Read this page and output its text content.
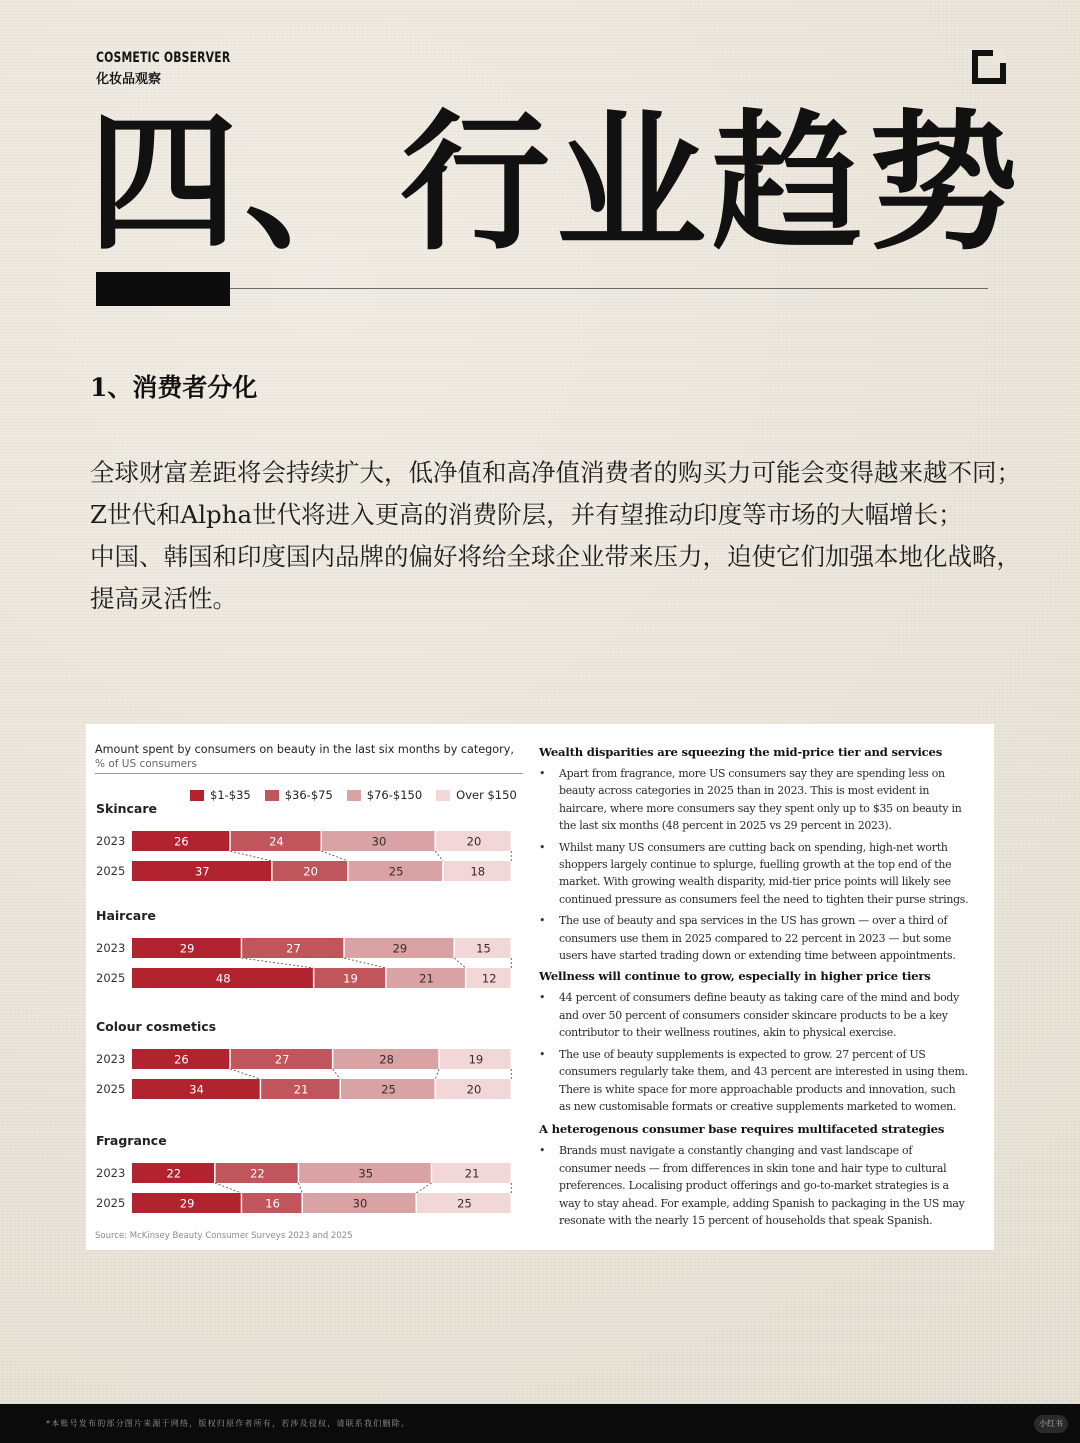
COSMETIC OBSERVER
化妆品观察
四、行业趋势
1、消费者分化

全球财富差距将会持续扩大，低净值和高净值消费者的购买力可能会变得越来越不同；

Z世代和Alpha世代将进入更高的消费阶层，并有望推动印度等市场的大幅增长；

中国、韩国和印度国内品牌的偏好将给全球企业带来压力，迫使它们加强本地化战略，

提高灵活性。

Amount spent by consumers on beauty in the last six months by category,
% of US consumers
$1-$35	$36-$75	$76-$150	Over $150
Skincare
2023	26	24	30	20
2025	37	20	25	18
Haircare
2023	29	27	29	15
2025	48	19	21	12
Colour cosmetics
2023	26	27	28	19
2025	34	21	25	20
Fragrance
2023	22	22	35	21
2025	29	16	30	25
Source: McKinsey Beauty Consumer Surveys 2023 and 2025
Wealth disparities are squeezing the mid-price tier and services
• Apart from fragrance, more US consumers say they are spending less on
beauty across categories in 2025 than in 2023. This is most evident in
haircare, where more consumers say they spent only up to $35 on beauty in
the last six months (48 percent in 2025 vs 29 percent in 2023).
• Whilst many US consumers are cutting back on spending, high-net worth
shoppers largely continue to splurge, fuelling growth at the top end of the
market. With growing wealth disparity, mid-tier price points will likely see
continued pressure as consumers feel the need to tighten their purse strings.
• The use of beauty and spa services in the US has grown — over a third of
consumers use them in 2025 compared to 22 percent in 2023 — but some
users have started trading down or extending time between appointments.
Wellness will continue to grow, especially in higher price tiers
• 44 percent of consumers define beauty as taking care of the mind and body
and over 50 percent of consumers consider skincare products to be a key
contributor to their wellness routines, akin to physical exercise.
• The use of beauty supplements is expected to grow. 27 percent of US
consumers regularly take them, and 43 percent are interested in using them.
There is white space for more approachable products and innovation, such
as new customisable formats or creative supplements marketed to women.
A heterogenous consumer base requires multifaceted strategies
• Brands must navigate a constantly changing and vast landscape of
consumer needs — from differences in skin tone and hair type to cultural
preferences. Localising product offerings and go-to-market strategies is a
way to stay ahead. For example, adding Spanish to packaging in the US may
resonate with the nearly 15 percent of households that speak Spanish.
*本账号发布的部分图片来源于网络，版权归原作者所有，若涉及侵权，请联系我们删除。	小红书
